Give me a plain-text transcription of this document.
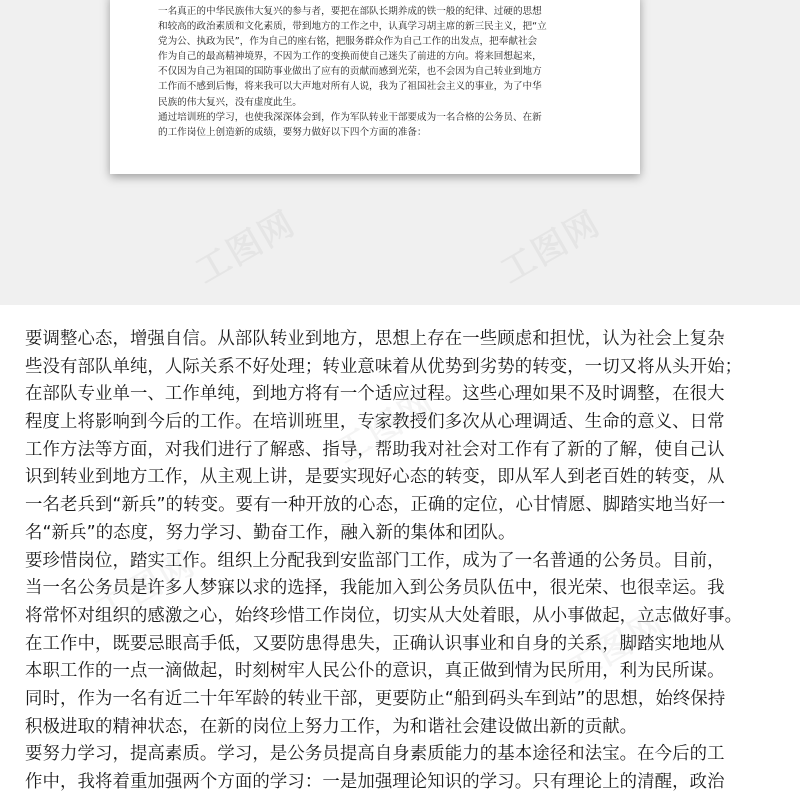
一名真正的中华民族伟大复兴的参与者，要把在部队长期养成的铁一般的纪律、过硬的思想
和较高的政治素质和文化素质，带到地方的工作之中，认真学习胡主席的新三民主义，把“立
党为公、执政为民”，作为自己的座右铭，把服务群众作为自己工作的出发点，把奉献社会
作为自己的最高精神境界，不因为工作的变换而使自己迷失了前进的方向。将来回想起来，
不仅因为自己为祖国的国防事业做出了应有的贡献而感到光荣，也不会因为自己转业到地方
工作而不感到后悔，将来我可以大声地对所有人说，我为了祖国社会主义的事业，为了中华
民族的伟大复兴，没有虚度此生。
通过培训班的学习，也使我深深体会到，作为军队转业干部要成为一名合格的公务员、在新
的工作岗位上创造新的成绩，要努力做好以下四个方面的准备：
要调整心态，增强自信。从部队转业到地方，思想上存在一些顾虑和担忧，认为社会上复杂
些没有部队单纯，人际关系不好处理；转业意味着从优势到劣势的转变，一切又将从头开始；
在部队专业单一、工作单纯，到地方将有一个适应过程。这些心理如果不及时调整，在很大
程度上将影响到今后的工作。在培训班里，专家教授们多次从心理调适、生命的意义、日常
工作方法等方面，对我们进行了解惑、指导，帮助我对社会对工作有了新的了解，使自己认
识到转业到地方工作，从主观上讲，是要实现好心态的转变，即从军人到老百姓的转变，从
一名老兵到“新兵”的转变。要有一种开放的心态，正确的定位，心甘情愿、脚踏实地当好一
名“新兵”的态度，努力学习、勤奋工作，融入新的集体和团队。
要珍惜岗位，踏实工作。组织上分配我到安监部门工作，成为了一名普通的公务员。目前，
当一名公务员是许多人梦寐以求的选择，我能加入到公务员队伍中，很光荣、也很幸运。我
将常怀对组织的感激之心，始终珍惜工作岗位，切实从大处着眼，从小事做起，立志做好事。
在工作中，既要忌眼高手低，又要防患得患失，正确认识事业和自身的关系，脚踏实地地从
本职工作的一点一滴做起，时刻树牢人民公仆的意识，真正做到情为民所用，利为民所谋。
同时，作为一名有近二十年军龄的转业干部，更要防止“船到码头车到站”的思想，始终保持
积极进取的精神状态，在新的岗位上努力工作，为和谐社会建设做出新的贡献。
要努力学习，提高素质。学习，是公务员提高自身素质能力的基本途径和法宝。在今后的工
作中，我将着重加强两个方面的学习：一是加强理论知识的学习。只有理论上的清醒，政治
